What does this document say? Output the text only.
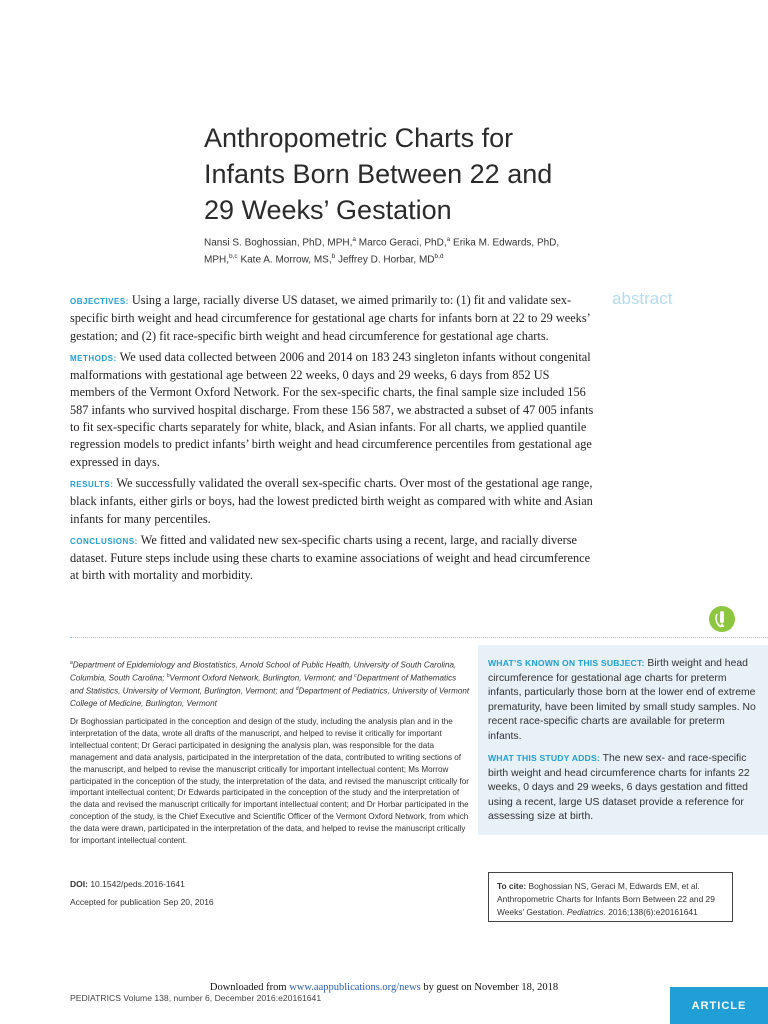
Anthropometric Charts for
Infants Born Between 22 and
29 Weeks’ Gestation
Nansi S. Boghossian, PhD, MPH,$^a$ Marco Geraci, PhD,$^a$ Erika M. Edwards, PhD,
MPH,$^{b,c}$ Kate A. Morrow, MS,$^b$ Jeffrey D. Horbar, MD$^{b,d}$
abstract

OBJECTIVES: Using a large, racially diverse US dataset, we aimed primarily to: (1) fit and validate sex-specific birth weight and head circumference for gestational age charts for infants born at 22 to 29 weeks’ gestation; and (2) fit race-specific birth weight and head circumference for gestational age charts.

METHODS: We used data collected between 2006 and 2014 on 183 243 singleton infants without congenital malformations with gestational age between 22 weeks, 0 days and 29 weeks, 6 days from 852 US members of the Vermont Oxford Network. For the sex-specific charts, the final sample size included 156 587 infants who survived hospital discharge. From these 156 587, we abstracted a subset of 47 005 infants to fit sex-specific charts separately for white, black, and Asian infants. For all charts, we applied quantile regression models to predict infants’ birth weight and head circumference percentiles from gestational age expressed in days.

RESULTS: We successfully validated the overall sex-specific charts. Over most of the gestational age range, black infants, either girls or boys, had the lowest predicted birth weight as compared with white and Asian infants for many percentiles.

CONCLUSIONS: We fitted and validated new sex-specific charts using a recent, large, and racially diverse dataset. Future steps include using these charts to examine associations of weight and head circumference at birth with mortality and morbidity.

$^a$Department of Epidemiology and Biostatistics, Arnold School of Public Health, University of South Carolina, Columbia, South Carolina; $^b$Vermont Oxford Network, Burlington, Vermont; and $^c$Department of Mathematics and Statistics, University of Vermont, Burlington, Vermont; and $^d$Department of Pediatrics, University of Vermont College of Medicine, Burlington, Vermont
Dr Boghossian participated in the conception and design of the study, including the analysis plan and in the interpretation of the data, wrote all drafts of the manuscript, and helped to revise it critically for important intellectual content; Dr Geraci participated in designing the analysis plan, was responsible for the data management and data analysis, participated in the interpretation of the data, contributed to writing sections of the manuscript, and helped to revise the manuscript critically for important intellectual content; Ms Morrow participated in the conception of the study, the interpretation of the data, and revised the manuscript critically for important intellectual content; Dr Edwards participated in the conception of the study and the interpretation of the data and revised the manuscript critically for important intellectual content; and Dr Horbar participated in the conception of the study, is the Chief Executive and Scientific Officer of the Vermont Oxford Network, from which the data were drawn, participated in the interpretation of the data, and helped to revise the manuscript critically for important intellectual content.
DOI: 10.1542/peds.2016-1641
Accepted for publication Sep 20, 2016

WHAT’S KNOWN ON THIS SUBJECT: Birth weight and head circumference for gestational age charts for preterm infants, particularly those born at the lower end of extreme prematurity, have been limited by small study samples. No recent race-specific charts are available for preterm infants.

WHAT THIS STUDY ADDS: The new sex- and race-specific birth weight and head circumference charts for infants 22 weeks, 0 days and 29 weeks, 6 days gestation and fitted using a recent, large US dataset provide a reference for assessing size at birth.

To cite: Boghossian NS, Geraci M, Edwards EM, et al. Anthropometric Charts for Infants Born Between 22 and 29 Weeks’ Gestation. Pediatrics. 2016;138(6):e20161641
Downloaded from www.aappublications.org/news by guest on November 18, 2018
PEDIATRICS Volume 138, number 6, December 2016:e20161641
ARTICLE
